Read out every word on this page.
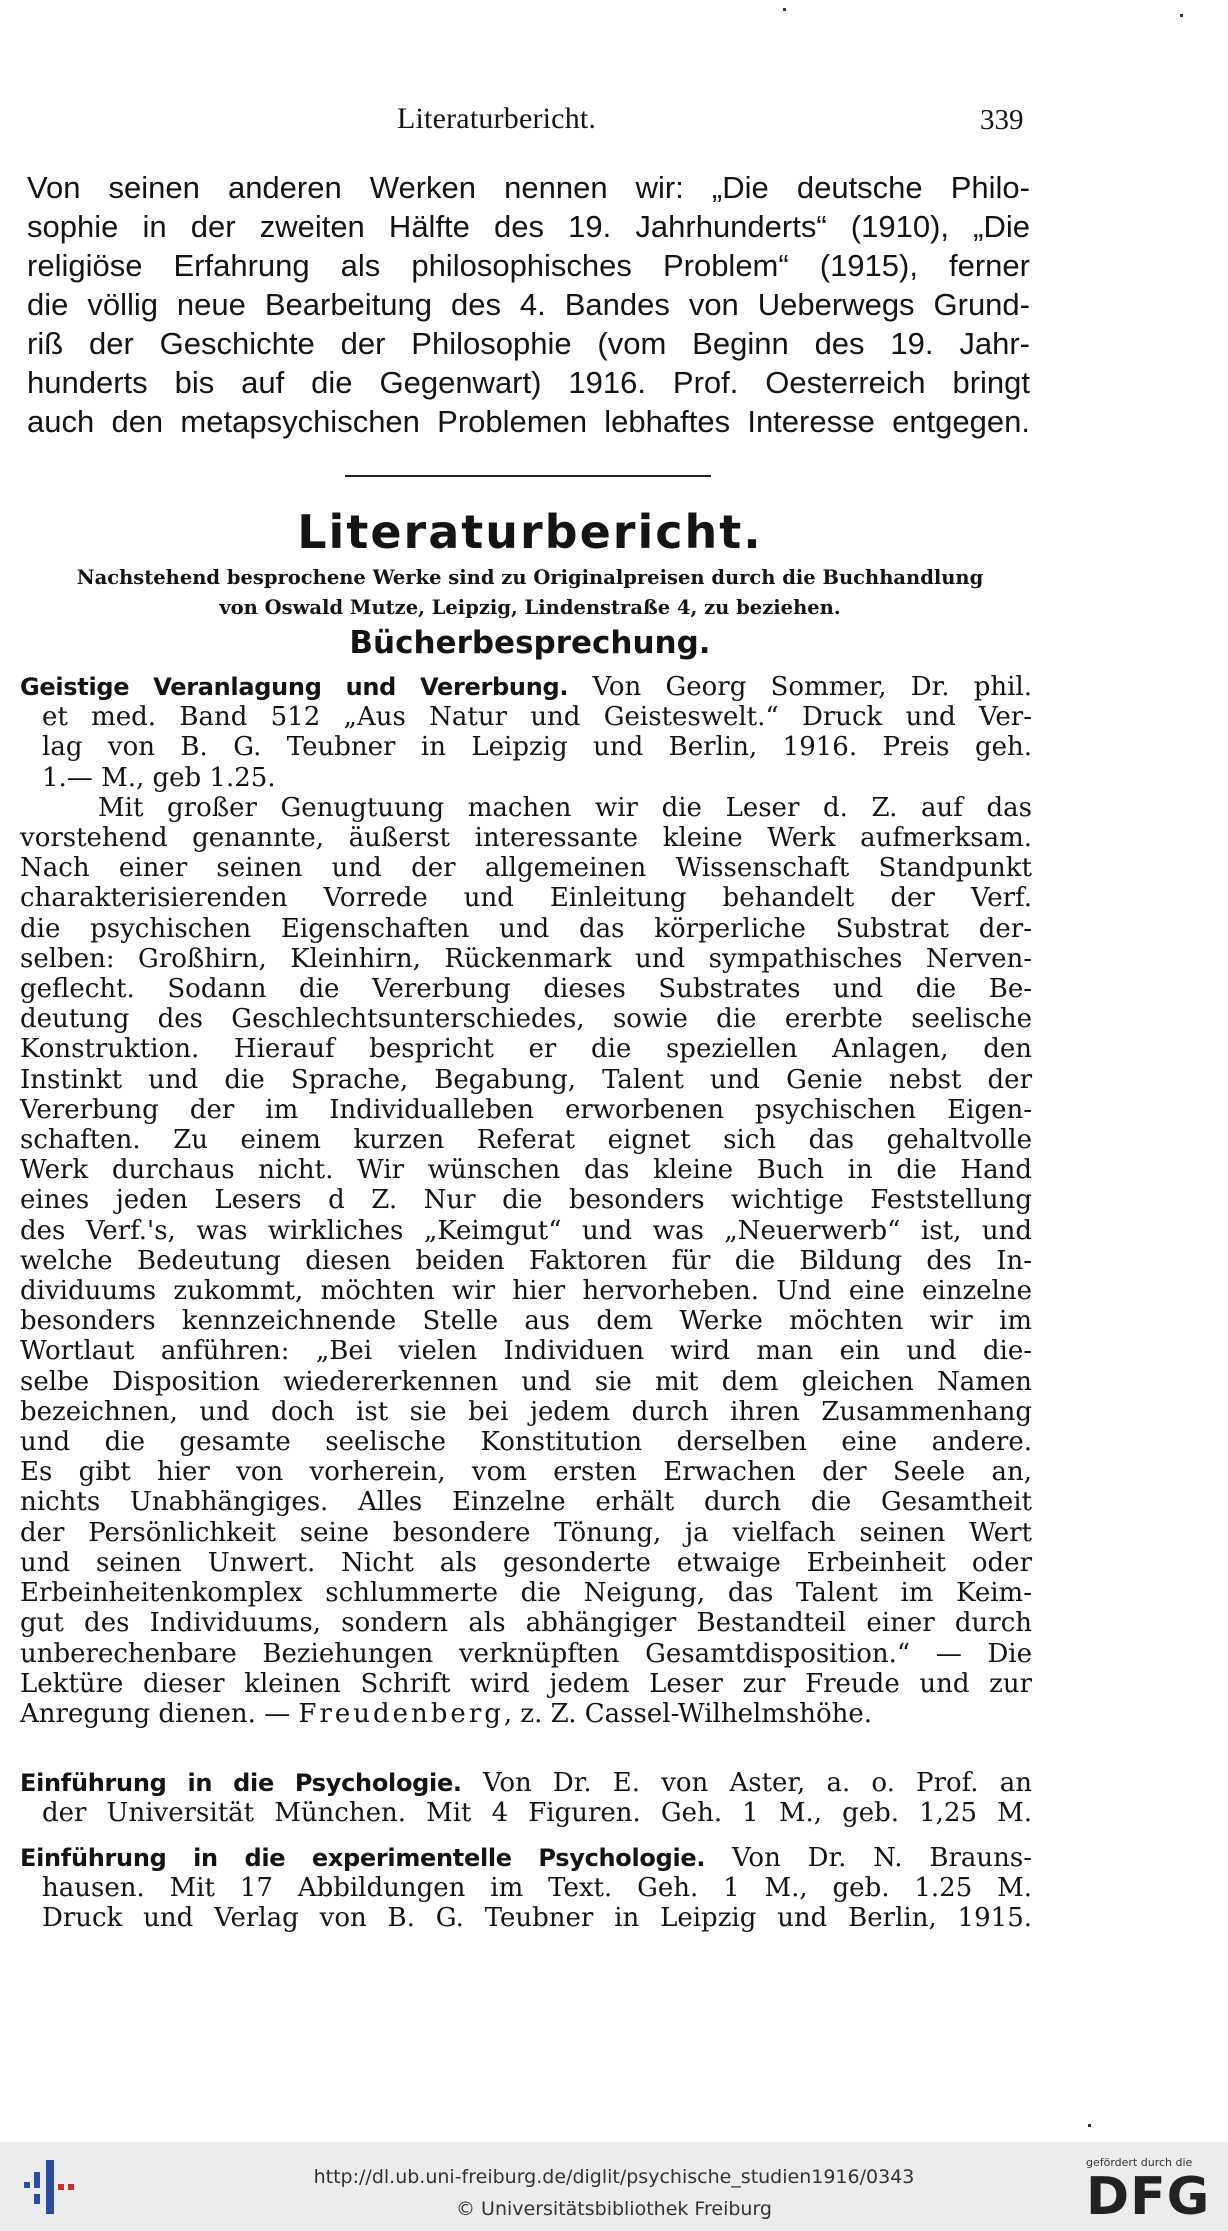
Literaturbericht.	339
Von seinen anderen Werken nennen wir: „Die deutsche Philo-
sophie in der zweiten Hälfte des 19. Jahrhunderts“ (1910), „Die
religiöse Erfahrung als philosophisches Problem“ (1915), ferner
die völlig neue Bearbeitung des 4. Bandes von Ueberwegs Grund-
riß der Geschichte der Philosophie (vom Beginn des 19. Jahr-
hunderts bis auf die Gegenwart) 1916. Prof. Oesterreich bringt
auch den metapsychischen Problemen lebhaftes Interesse entgegen.
Literaturbericht.
Nachstehend besprochene Werke sind zu Originalpreisen durch die Buchhandlung
von Oswald Mutze, Leipzig, Lindenstraße 4, zu beziehen.
Bücherbesprechung.
Geistige Veranlagung und Vererbung. Von Georg Sommer, Dr. phil.
et med. Band 512 „Aus Natur und Geisteswelt.“ Druck und Ver-
lag von B. G. Teubner in Leipzig und Berlin, 1916. Preis geh.
1.— M., geb 1.25.
Mit großer Genugtuung machen wir die Leser d. Z. auf das
vorstehend genannte, äußerst interessante kleine Werk aufmerksam.
Nach einer seinen und der allgemeinen Wissenschaft Standpunkt
charakterisierenden Vorrede und Einleitung behandelt der Verf.
die psychischen Eigenschaften und das körperliche Substrat der-
selben: Großhirn, Kleinhirn, Rückenmark und sympathisches Nerven-
geflecht. Sodann die Vererbung dieses Substrates und die Be-
deutung des Geschlechtsunterschiedes, sowie die ererbte seelische
Konstruktion. Hierauf bespricht er die speziellen Anlagen, den
Instinkt und die Sprache, Begabung, Talent und Genie nebst der
Vererbung der im Individualleben erworbenen psychischen Eigen-
schaften. Zu einem kurzen Referat eignet sich das gehaltvolle
Werk durchaus nicht. Wir wünschen das kleine Buch in die Hand
eines jeden Lesers d Z. Nur die besonders wichtige Feststellung
des Verf.'s, was wirkliches „Keimgut“ und was „Neuerwerb“ ist, und
welche Bedeutung diesen beiden Faktoren für die Bildung des In-
dividuums zukommt, möchten wir hier hervorheben. Und eine einzelne
besonders kennzeichnende Stelle aus dem Werke möchten wir im
Wortlaut anführen: „Bei vielen Individuen wird man ein und die-
selbe Disposition wiedererkennen und sie mit dem gleichen Namen
bezeichnen, und doch ist sie bei jedem durch ihren Zusammenhang
und die gesamte seelische Konstitution derselben eine andere.
Es gibt hier von vorherein, vom ersten Erwachen der Seele an,
nichts Unabhängiges. Alles Einzelne erhält durch die Gesamtheit
der Persönlichkeit seine besondere Tönung, ja vielfach seinen Wert
und seinen Unwert. Nicht als gesonderte etwaige Erbeinheit oder
Erbeinheitenkomplex schlummerte die Neigung, das Talent im Keim-
gut des Individuums, sondern als abhängiger Bestandteil einer durch
unberechenbare Beziehungen verknüpften Gesamtdisposition.“ — Die
Lektüre dieser kleinen Schrift wird jedem Leser zur Freude und zur
Anregung dienen. — Freudenberg, z. Z. Cassel-Wilhelmshöhe.
Einführung in die Psychologie. Von Dr. E. von Aster, a. o. Prof. an
der Universität München. Mit 4 Figuren. Geh. 1 M., geb. 1,25 M.
Einführung in die experimentelle Psychologie. Von Dr. N. Brauns-
hausen. Mit 17 Abbildungen im Text. Geh. 1 M., geb. 1.25 M.
Druck und Verlag von B. G. Teubner in Leipzig und Berlin, 1915.
http://dl.ub.uni-freiburg.de/diglit/psychische_studien1916/0343
© Universitätsbibliothek Freiburg
gefördert durch die
DFG
